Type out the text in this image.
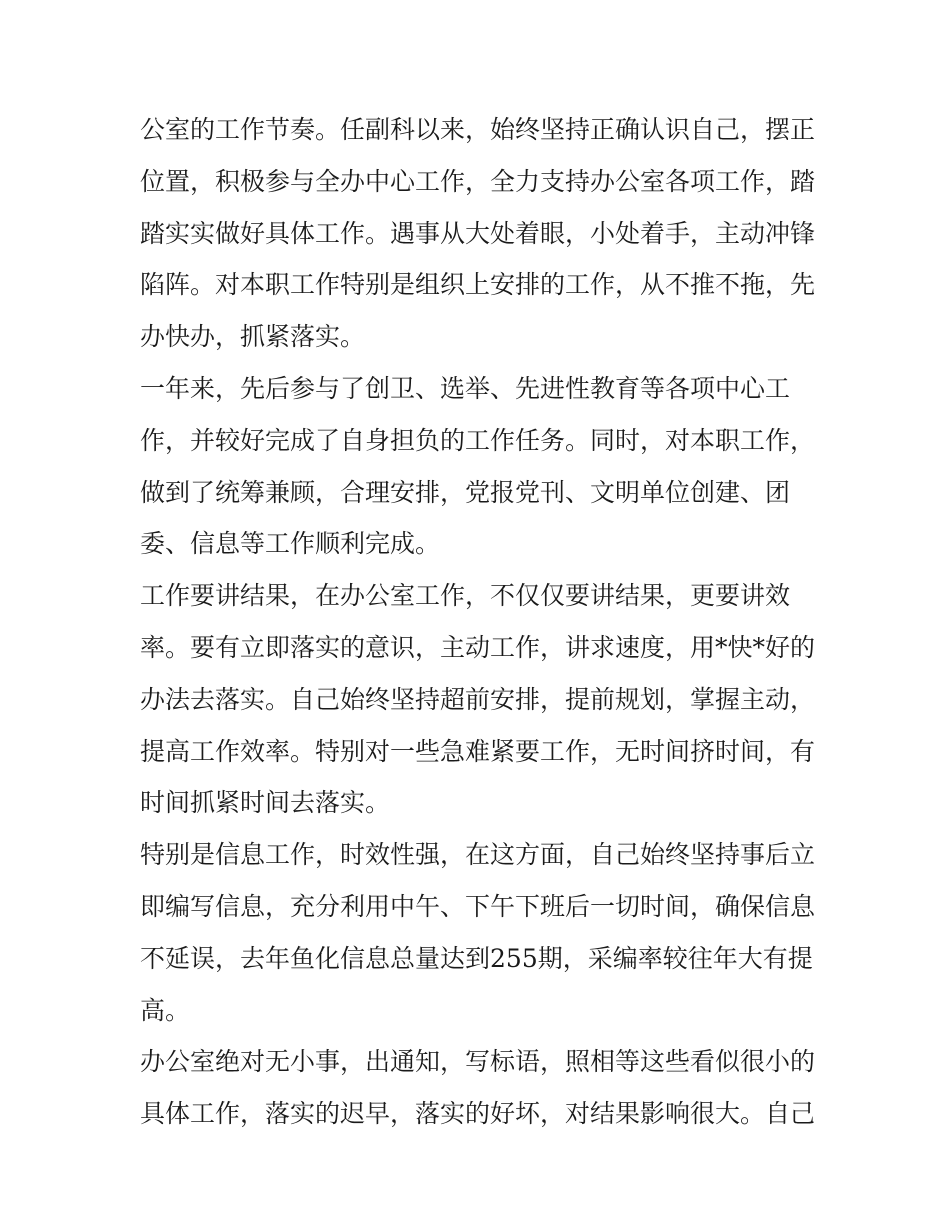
公室的工作节奏。任副科以来，始终坚持正确认识自己，摆正
位置，积极参与全办中心工作，全力支持办公室各项工作，踏
踏实实做好具体工作。遇事从大处着眼，小处着手，主动冲锋
陷阵。对本职工作特别是组织上安排的工作，从不推不拖，先
办快办，抓紧落实。
一年来，先后参与了创卫、选举、先进性教育等各项中心工
作，并较好完成了自身担负的工作任务。同时，对本职工作，
做到了统筹兼顾，合理安排，党报党刊、文明单位创建、团
委、信息等工作顺利完成。
工作要讲结果，在办公室工作，不仅仅要讲结果，更要讲效
率。要有立即落实的意识，主动工作，讲求速度，用*快*好的
办法去落实。自己始终坚持超前安排，提前规划，掌握主动，
提高工作效率。特别对一些急难紧要工作，无时间挤时间，有
时间抓紧时间去落实。
特别是信息工作，时效性强，在这方面，自己始终坚持事后立
即编写信息，充分利用中午、下午下班后一切时间，确保信息
不延误，去年鱼化信息总量达到255期，采编率较往年大有提
高。
办公室绝对无小事，出通知，写标语，照相等这些看似很小的
具体工作，落实的迟早，落实的好坏，对结果影响很大。自己
